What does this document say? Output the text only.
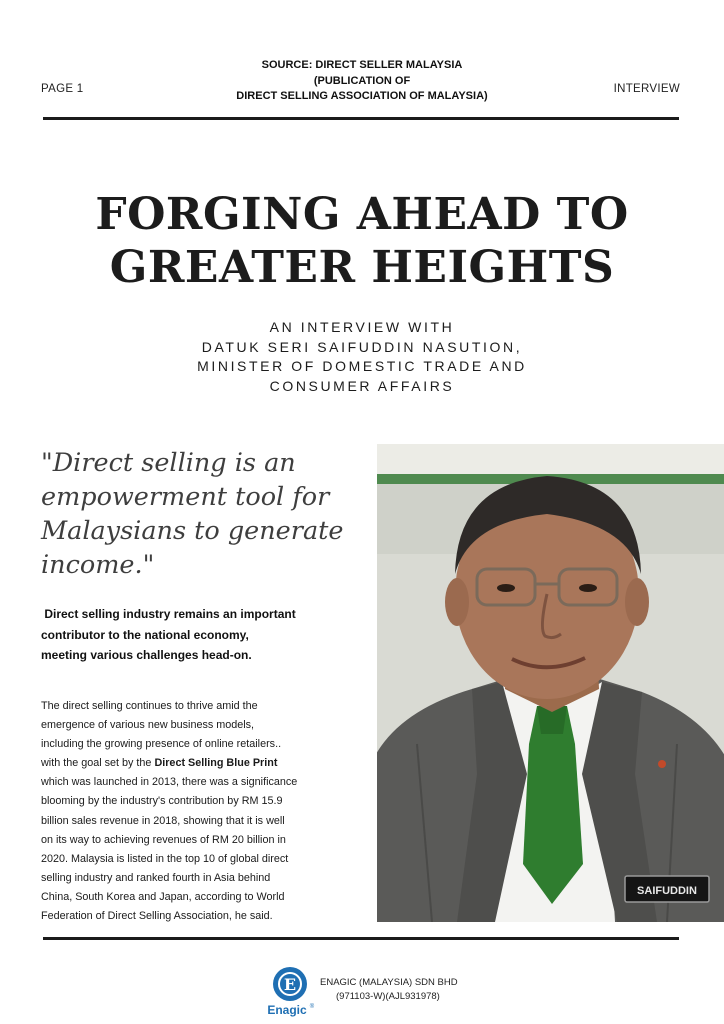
PAGE 1
SOURCE: DIRECT SELLER MALAYSIA
(PUBLICATION OF
DIRECT SELLING ASSOCIATION OF MALAYSIA)
INTERVIEW
FORGING AHEAD TO
GREATER HEIGHTS
AN INTERVIEW WITH
DATUK SERI SAIFUDDIN NASUTION,
MINISTER OF DOMESTIC TRADE AND
CONSUMER AFFAIRS
"Direct selling is an
empowerment tool for
Malaysians to generate
income."
Direct selling industry remains an important
contributor to the national economy,
meeting various challenges head-on.
The direct selling continues to thrive amid the
emergence of various new business models,
including the growing presence of online retailers..
with the goal set by the Direct Selling Blue Print
which was launched in 2013, there was a significance
blooming by the industry's contribution by RM 15.9
billion sales revenue in 2018, showing that it is well
on its way to achieving revenues of RM 20 billion in
2020. Malaysia is listed in the top 10 of global direct
selling industry and ranked fourth in Asia behind
China, South Korea and Japan, according to World
Federation of Direct Selling Association, he said.
SAIFUDDIN
E
Enagic ®
ENAGIC (MALAYSIA) SDN BHD
(971103-W)(AJL931978)
